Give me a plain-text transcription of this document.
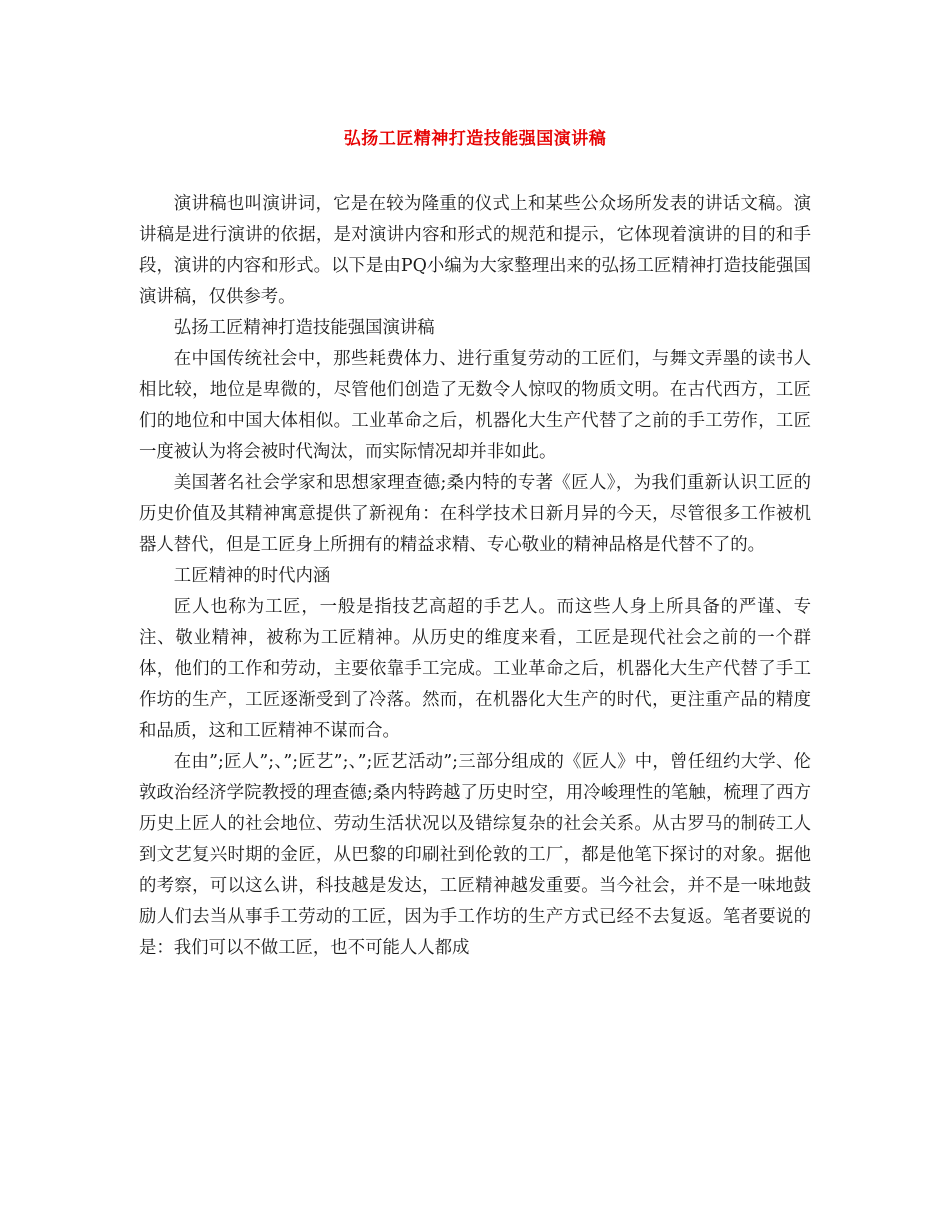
弘扬工匠精神打造技能强国演讲稿

演讲稿也叫演讲词，它是在较为隆重的仪式上和某些公众场所发表的讲话文稿。演讲稿是进行演讲的依据，是对演讲内容和形式的规范和提示，它体现着演讲的目的和手段，演讲的内容和形式。以下是由PQ小编为大家整理出来的弘扬工匠精神打造技能强国演讲稿，仅供参考。

弘扬工匠精神打造技能强国演讲稿

在中国传统社会中，那些耗费体力、进行重复劳动的工匠们，与舞文弄墨的读书人相比较，地位是卑微的，尽管他们创造了无数令人惊叹的物质文明。在古代西方，工匠们的地位和中国大体相似。工业革命之后，机器化大生产代替了之前的手工劳作，工匠一度被认为将会被时代淘汰，而实际情况却并非如此。

美国著名社会学家和思想家理查德;桑内特的专著《匠人》，为我们重新认识工匠的历史价值及其精神寓意提供了新视角：在科学技术日新月异的今天，尽管很多工作被机器人替代，但是工匠身上所拥有的精益求精、专心敬业的精神品格是代替不了的。

工匠精神的时代内涵

匠人也称为工匠，一般是指技艺高超的手艺人。而这些人身上所具备的严谨、专注、敬业精神，被称为工匠精神。从历史的维度来看，工匠是现代社会之前的一个群体，他们的工作和劳动，主要依靠手工完成。工业革命之后，机器化大生产代替了手工作坊的生产，工匠逐渐受到了冷落。然而，在机器化大生产的时代，更注重产品的精度和品质，这和工匠精神不谋而合。

在由”;匠人”;、”;匠艺”;、”;匠艺活动”;三部分组成的《匠人》中，曾任纽约大学、伦敦政治经济学院教授的理查德;桑内特跨越了历史时空，用冷峻理性的笔触，梳理了西方历史上匠人的社会地位、劳动生活状况以及错综复杂的社会关系。从古罗马的制砖工人到文艺复兴时期的金匠，从巴黎的印刷社到伦敦的工厂，都是他笔下探讨的对象。据他的考察，可以这么讲，科技越是发达，工匠精神越发重要。当今社会，并不是一味地鼓励人们去当从事手工劳动的工匠，因为手工作坊的生产方式已经不去复返。笔者要说的是：我们可以不做工匠，也不可能人人都成
